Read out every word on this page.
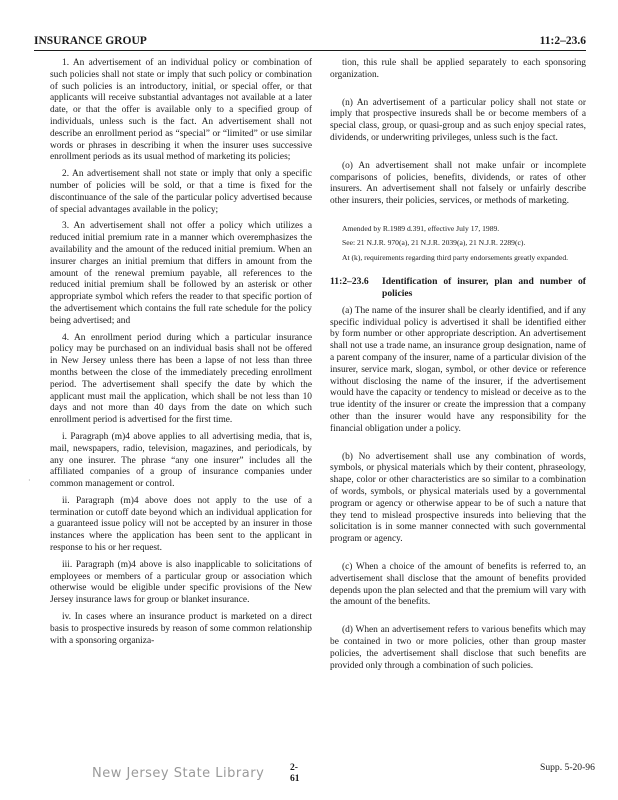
INSURANCE GROUP	11:2–23.6

1. An advertisement of an individual policy or combination of such policies shall not state or imply that such policy or combination of such policies is an introductory, initial, or special offer, or that applicants will receive substantial advantages not available at a later date, or that the offer is available only to a specified group of individuals, unless such is the fact. An advertisement shall not describe an enrollment period as “special” or “limited” or use similar words or phrases in describing it when the insurer uses successive enrollment periods as its usual method of marketing its policies;

2. An advertisement shall not state or imply that only a specific number of policies will be sold, or that a time is fixed for the discontinuance of the sale of the particular policy advertised because of special advantages available in the policy;

3. An advertisement shall not offer a policy which utilizes a reduced initial premium rate in a manner which overemphasizes the availability and the amount of the reduced initial premium. When an insurer charges an initial premium that differs in amount from the amount of the renewal premium payable, all references to the reduced initial premium shall be followed by an asterisk or other appropriate symbol which refers the reader to that specific portion of the advertisement which contains the full rate schedule for the policy being advertised; and

4. An enrollment period during which a particular insurance policy may be purchased on an individual basis shall not be offered in New Jersey unless there has been a lapse of not less than three months between the close of the immediately preceding enrollment period. The advertisement shall specify the date by which the applicant must mail the application, which shall be not less than 10 days and not more than 40 days from the date on which such enrollment period is advertised for the first time.

i. Paragraph (m)4 above applies to all advertising media, that is, mail, newspapers, radio, television, magazines, and periodicals, by any one insurer. The phrase “any one insurer” includes all the affiliated companies of a group of insurance companies under common management or control.

ii. Paragraph (m)4 above does not apply to the use of a termination or cutoff date beyond which an individual application for a guaranteed issue policy will not be accepted by an insurer in those instances where the application has been sent to the applicant in response to his or her request.

iii. Paragraph (m)4 above is also inapplicable to solicitations of employees or members of a particular group or association which otherwise would be eligible under specific provisions of the New Jersey insurance laws for group or blanket insurance.

iv. In cases where an insurance product is marketed on a direct basis to prospective insureds by reason of some common relationship with a sponsoring organiza-

tion, this rule shall be applied separately to each sponsoring organization.

(n) An advertisement of a particular policy shall not state or imply that prospective insureds shall be or become members of a special class, group, or quasi-group and as such enjoy special rates, dividends, or underwriting privileges, unless such is the fact.

(o) An advertisement shall not make unfair or incomplete comparisons of policies, benefits, dividends, or rates of other insurers. An advertisement shall not falsely or unfairly describe other insurers, their policies, services, or methods of marketing.

Amended by R.1989 d.391, effective July 17, 1989.

See: 21 N.J.R. 970(a), 21 N.J.R. 2039(a), 21 N.J.R. 2289(c).

At (k), requirements regarding third party endorsements greatly expanded.

11:2–23.6	Identification of insurer, plan and number of policies

(a) The name of the insurer shall be clearly identified, and if any specific individual policy is advertised it shall be identified either by form number or other appropriate description. An advertisement shall not use a trade name, an insurance group designation, name of a parent company of the insurer, name of a particular division of the insurer, service mark, slogan, symbol, or other device or reference without disclosing the name of the insurer, if the advertisement would have the capacity or tendency to mislead or deceive as to the true identity of the insurer or create the impression that a company other than the insurer would have any responsibility for the financial obligation under a policy.

(b) No advertisement shall use any combination of words, symbols, or physical materials which by their content, phraseology, shape, color or other characteristics are so similar to a combination of words, symbols, or physical materials used by a governmental program or agency or otherwise appear to be of such a nature that they tend to mislead prospective insureds into believing that the solicitation is in some manner connected with such governmental program or agency.

(c) When a choice of the amount of benefits is referred to, an advertisement shall disclose that the amount of benefits provided depends upon the plan selected and that the premium will vary with the amount of the benefits.

(d) When an advertisement refers to various benefits which may be contained in two or more policies, other than group master policies, the advertisement shall disclose that such benefits are provided only through a combination of such policies.

·
New Jersey State Library	2-61
Supp. 5-20-96
